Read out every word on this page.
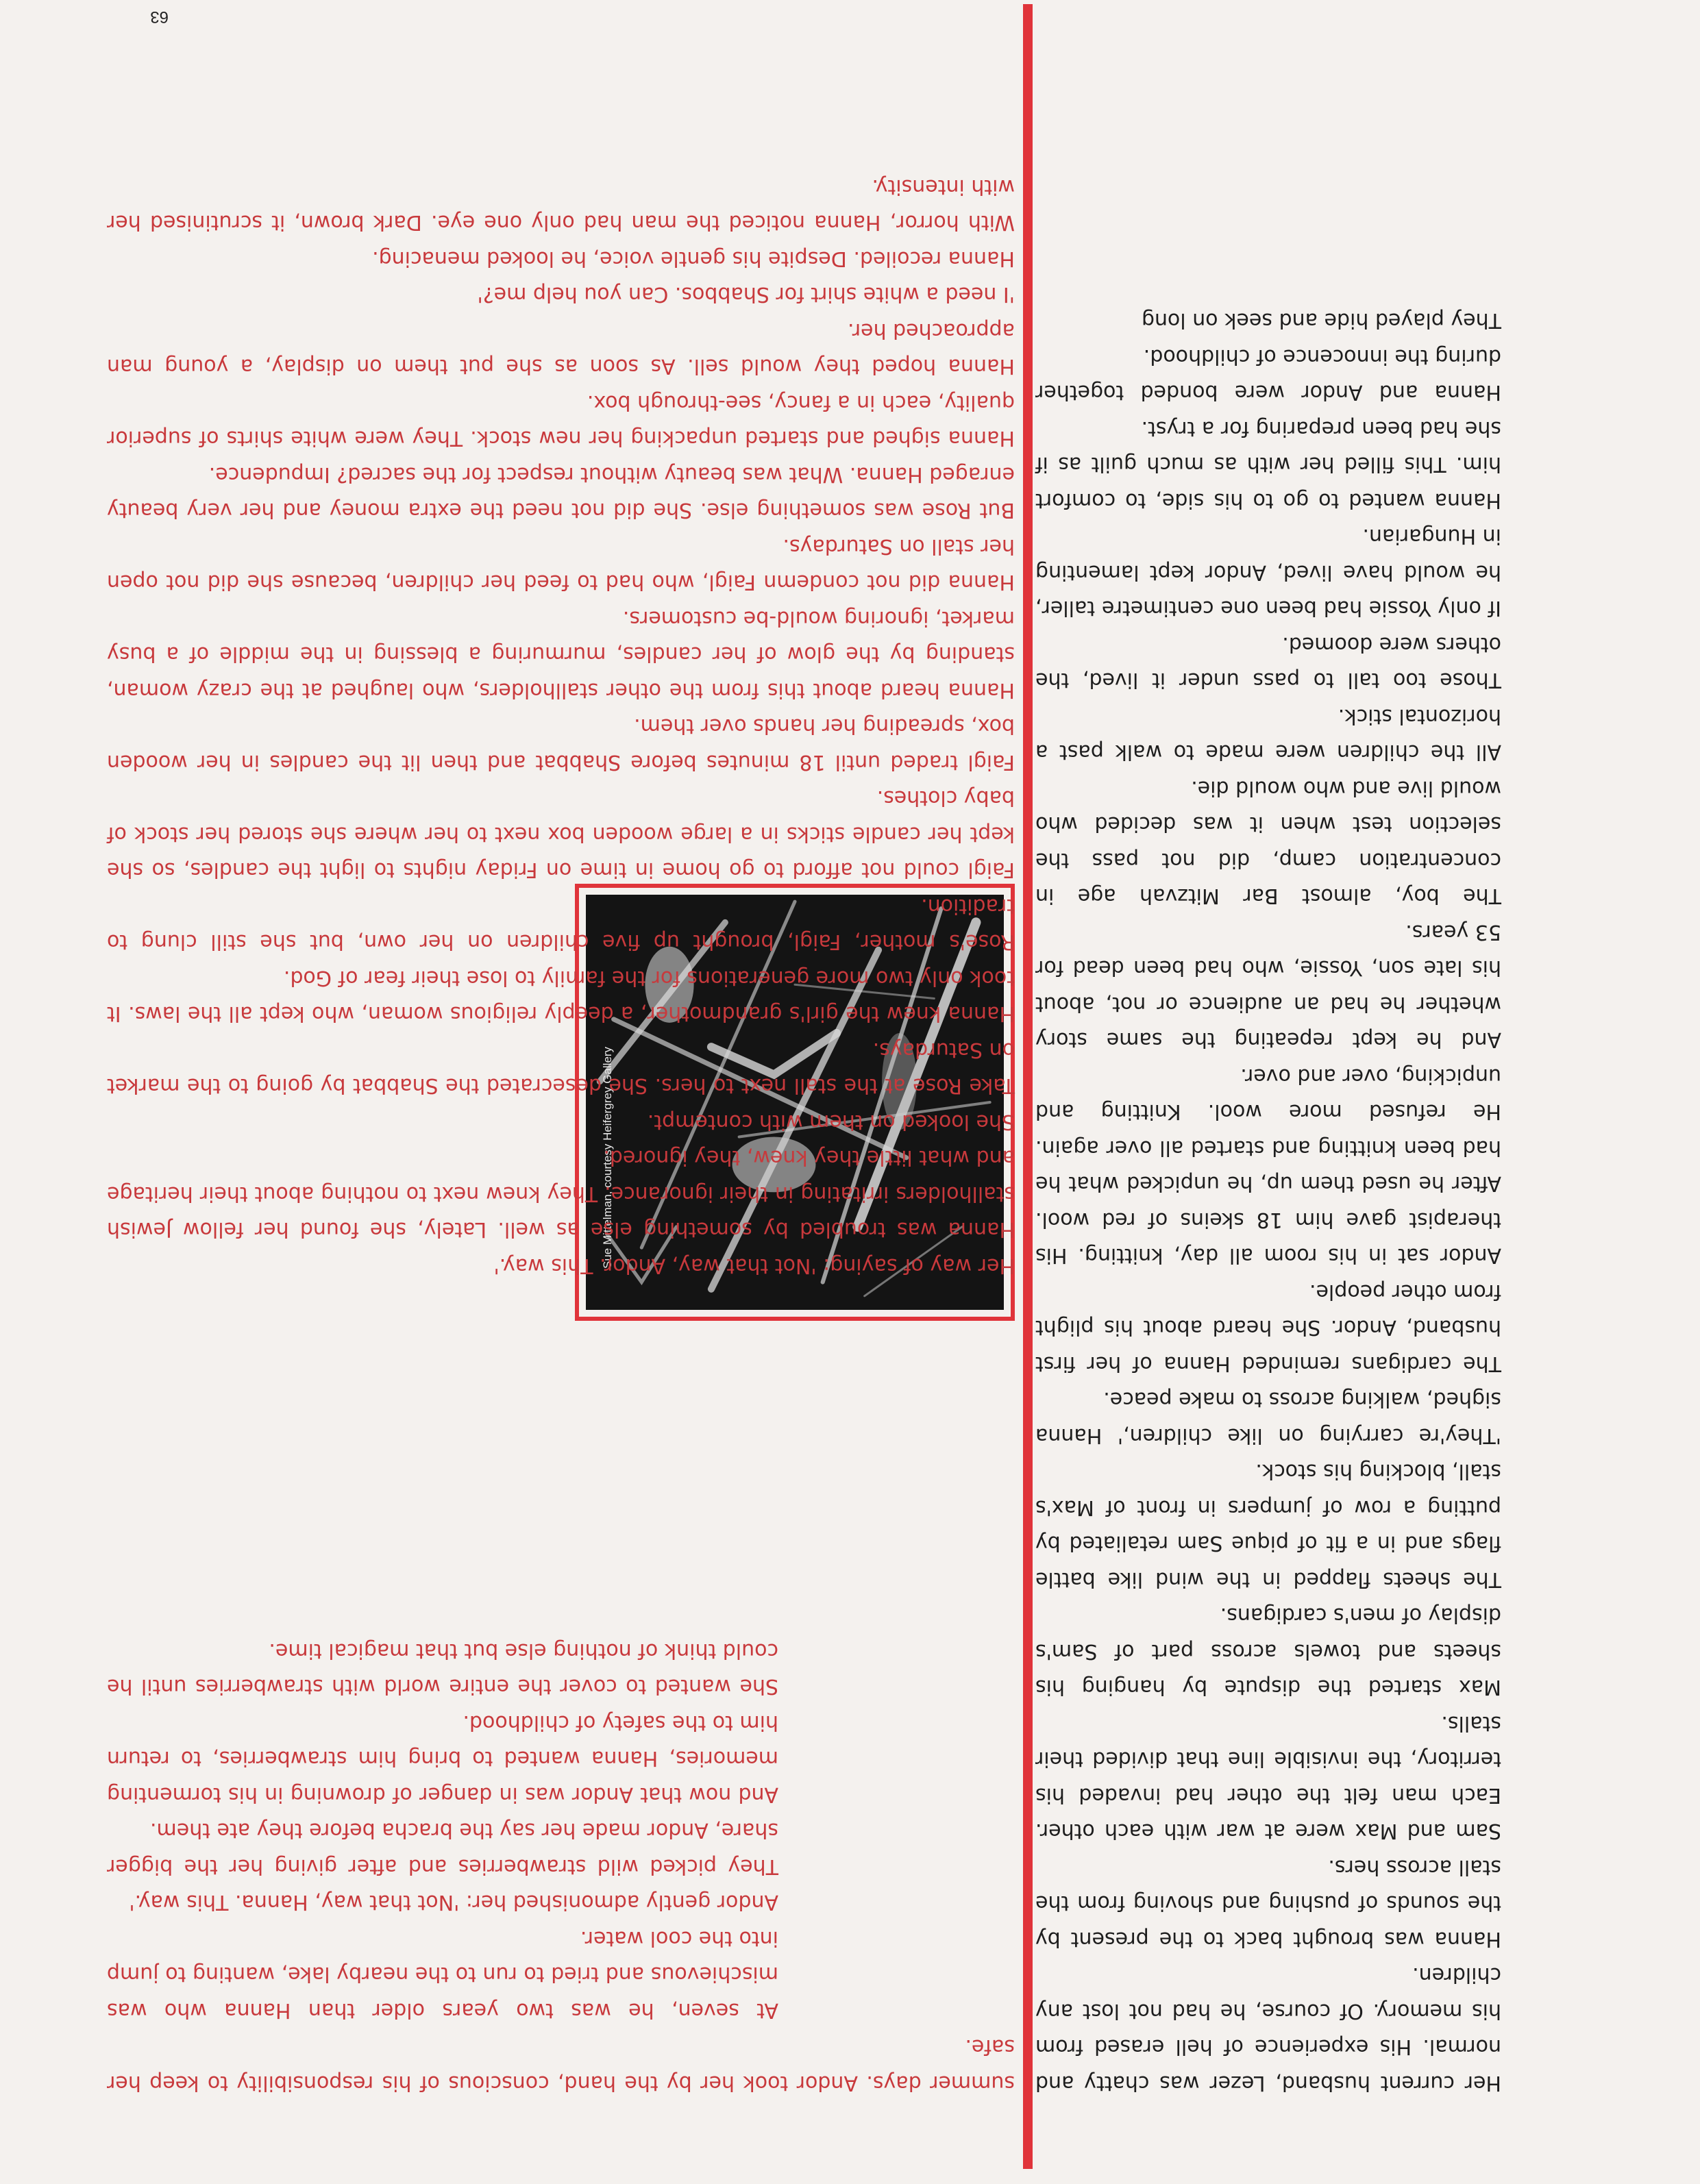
Her current husband, Lezer was chatty and normal. His experience of hell erased from his memory. Of course, he had not lost any children.

Hanna was brought back to the present by the sounds of pushing and shoving from the stall across hers.

Sam and Max were at war with each other. Each man felt the other had invaded his territory, the invisible line that divided their stalls.

Max started the dispute by hanging his sheets and towels across part of Sam's display of men's cardigans.

The sheets flapped in the wind like battle flags and in a fit of pique Sam retaliated by putting a row of jumpers in front of Max's stall, blocking his stock.

'They're carrying on like children,' Hanna sighed, walking across to make peace.

The cardigans reminded Hanna of her first husband, Andor. She heard about his plight from other people.

Andor sat in his room all day, knitting. His therapist gave him 18 skeins of red wool. After he used them up, he unpicked what he had been knitting and started all over again. He refused more wool. Knitting and unpicking, over and over.

And he kept repeating the same story whether he had an audience or not, about his late son, Yossie, who had been dead for 53 years.

The boy, almost Bar Mitzvah age in concentration camp, did not pass the selection test when it was decided who would live and who would die.

All the children were made to walk past a horizontal stick.

Those too tall to pass under it lived, the others were doomed.

If only Yossie had been one centimetre taller, he would have lived, Andor kept lamenting in Hungarian.

Hanna wanted to go to his side, to comfort him. This filled her with as much guilt as if she had been preparing for a tryst.

Hanna and Andor were bonded together during the innocence of childhood.

They played hide and seek on long

summer days. Andor took her by the hand, conscious of his responsibility to keep her safe.

At seven, he was two years older than Hanna who was mischievous and tried to run to the nearby lake, wanting to jump into the cool water.

Andor gently admonished her: 'Not that way, Hanna. This way.'

They picked wild strawberries and after giving her the bigger share, Andor made her say the bracha before they ate them.

And now that Andor was in danger of drowning in his tormenting memories, Hanna wanted to bring him strawberries, to return him to the safety of childhood.

She wanted to cover the entire world with strawberries until he could think of nothing else but that magical time.

Sue Mittelman, courtesy Heifergrey Gallery

Her way of saying: 'Not that way, Andor. This way.'

Hanna was troubled by something else as well. Lately, she found her fellow Jewish stallholders irritating in their ignorance. They knew next to nothing about their heritage and what little they knew, they ignored.

She looked on them with contempt.

Take Rose at the stall next to hers. She desecrated the Shabbat by going to the market on Saturdays.

Hanna knew the girl's grandmother, a deeply religious woman, who kept all the laws. It took only two more generations for the family to lose their fear of God.

Rose's mother, Faigl, brought up five children on her own, but she still clung to tradition.

Faigl could not afford to go home in time on Friday nights to light the candles, so she kept her candle sticks in a large wooden box next to her where she stored her stock of baby clothes.

Faigl traded until 18 minutes before Shabbat and then lit the candles in her wooden box, spreading her hands over them.

Hanna heard about this from the other stallholders, who laughed at the crazy woman, standing by the glow of her candles, murmuring a blessing in the middle of a busy market, ignoring would-be customers.

Hanna did not condemn Faigl, who had to feed her children, because she did not open her stall on Saturdays.

But Rose was something else. She did not need the extra money and her very beauty enraged Hanna. What was beauty without respect for the sacred? Impudence.

Hanna sighed and started unpacking her new stock. They were white shirts of superior quality, each in a fancy, see-through box.

Hanna hoped they would sell. As soon as she put them on display, a young man approached her.

'I need a white shirt for Shabbos. Can you help me?'

Hanna recoiled. Despite his gentle voice, he looked menacing.

With horror, Hanna noticed the man had only one eye. Dark brown, it scrutinised her with intensity.

63
